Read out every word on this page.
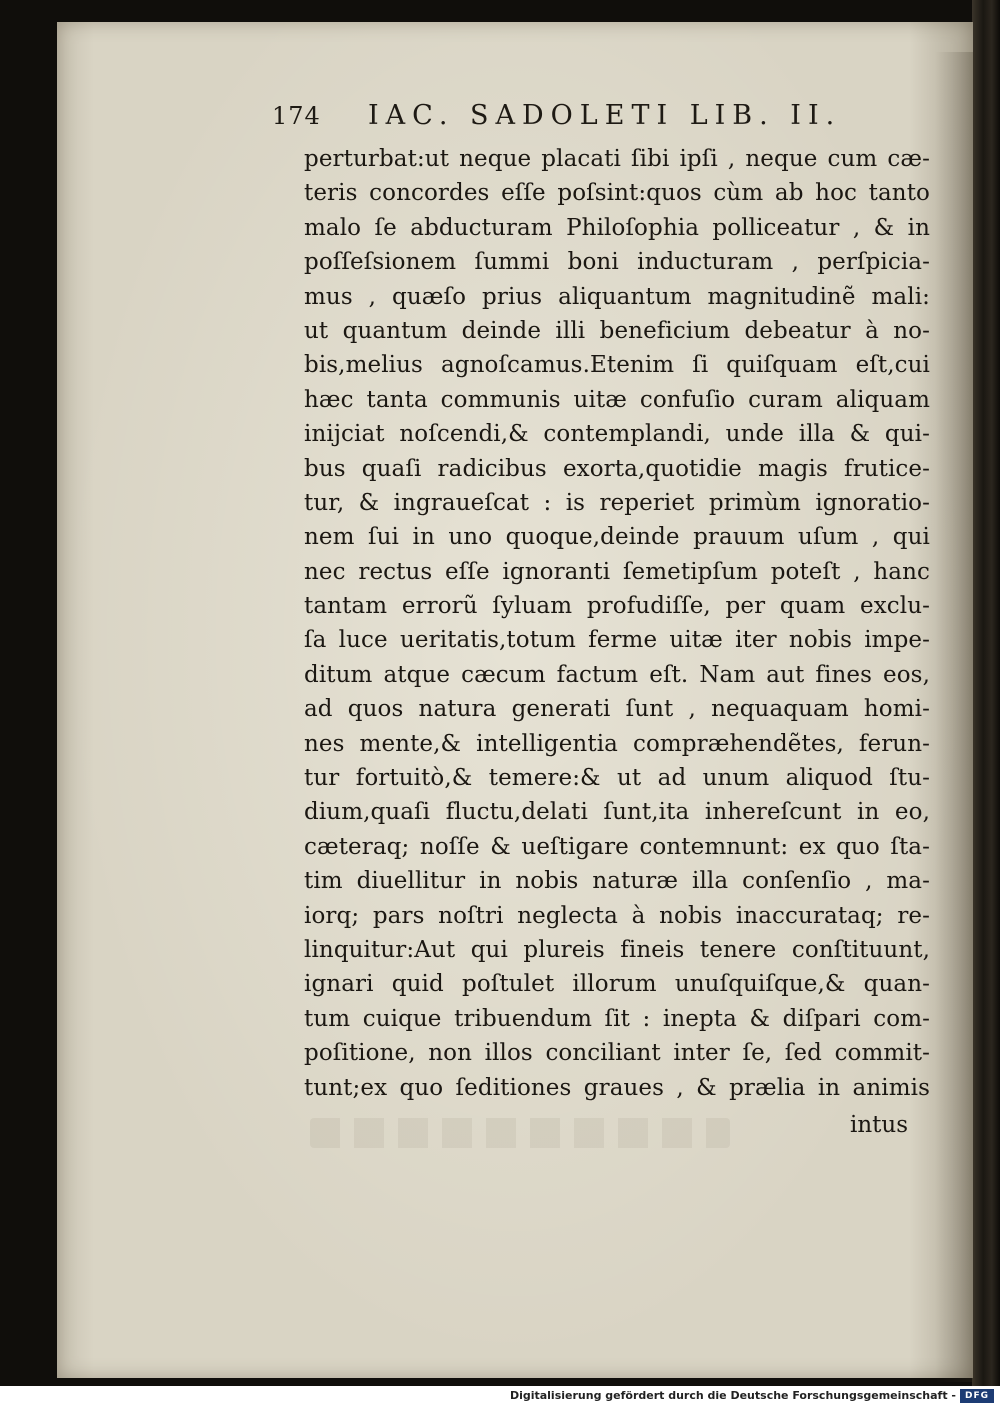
174 IAC. SADOLETI LIB. II.
perturbat:ut neque placati ſibi ipſi , neque cum cæ-
teris concordes eſſe poſsint:quos cùm ab hoc tanto
malo ſe abducturam Philoſophia polliceatur , & in
poſſeſsionem ſummi boni inducturam , perſpicia-
mus , quæſo prius aliquantum magnitudinẽ mali:
ut quantum deinde illi beneficium debeatur à no-
bis,melius agnoſcamus.Etenim ſi quiſquam eſt,cui
hæc tanta communis uitæ confuſio curam aliquam
inijciat noſcendi,& contemplandi, unde illa & qui-
bus quaſi radicibus exorta,quotidie magis frutice-
tur, & ingraueſcat : is reperiet primùm ignoratio-
nem ſui in uno quoque,deinde prauum uſum , qui
nec rectus eſſe ignoranti ſemetipſum poteſt , hanc
tantam errorũ ſyluam profudiſſe, per quam exclu-
ſa luce ueritatis,totum ferme uitæ iter nobis impe-
ditum atque cæcum factum eſt. Nam aut fines eos,
ad quos natura generati ſunt , nequaquam homi-
nes mente,& intelligentia compræhendẽtes, ferun-
tur fortuitò,& temere:& ut ad unum aliquod ſtu-
dium,quaſi fluctu,delati ſunt,ita inhereſcunt in eo,
cæteraq; noſſe & ueſtigare contemnunt: ex quo ſta-
tim diuellitur in nobis naturæ illa conſenſio , ma-
iorq; pars noſtri neglecta à nobis inaccurataq; re-
linquitur:Aut qui plureis fineis tenere conſtituunt,
ignari quid poſtulet illorum unuſquiſque,& quan-
tum cuique tribuendum ſit : inepta & diſpari com-
poſitione, non illos conciliant inter ſe, ſed commit-
tunt;ex quo ſeditiones graues , & prælia in animis
intus
Digitalisierung gefördert durch die Deutsche Forschungsgemeinschaft - DFG
